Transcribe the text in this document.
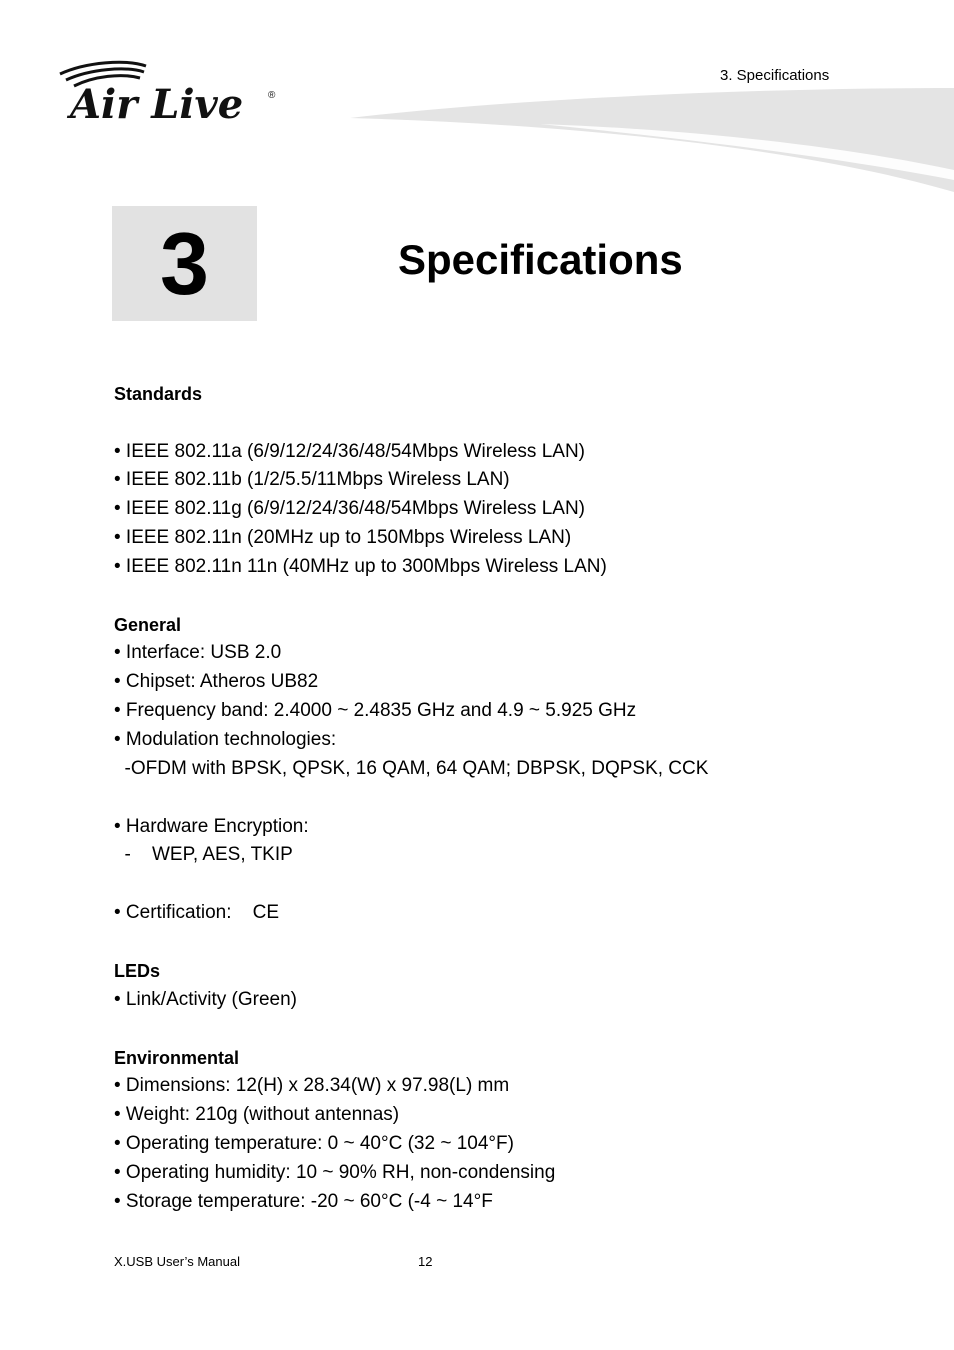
Air Live ®
3. Specifications
3	Specifications
Standards
• IEEE 802.11a (6/9/12/24/36/48/54Mbps Wireless LAN)
• IEEE 802.11b (1/2/5.5/11Mbps Wireless LAN)
• IEEE 802.11g (6/9/12/24/36/48/54Mbps Wireless LAN)
• IEEE 802.11n (20MHz up to 150Mbps Wireless LAN)
• IEEE 802.11n 11n (40MHz up to 300Mbps Wireless LAN)
General
• Interface: USB 2.0
• Chipset: Atheros UB82
• Frequency band: 2.4000 ~ 2.4835 GHz and 4.9 ~ 5.925 GHz
• Modulation technologies:
-OFDM with BPSK, QPSK, 16 QAM, 64 QAM; DBPSK, DQPSK, CCK
• Hardware Encryption:
-    WEP, AES, TKIP
• Certification:    CE
LEDs
• Link/Activity (Green)
Environmental
• Dimensions: 12(H) x 28.34(W) x 97.98(L) mm
• Weight: 210g (without antennas)
• Operating temperature: 0 ~ 40°C (32 ~ 104°F)
• Operating humidity: 10 ~ 90% RH, non-condensing
• Storage temperature: -20 ~ 60°C (-4 ~ 14°F
X.USB User’s Manual	12
